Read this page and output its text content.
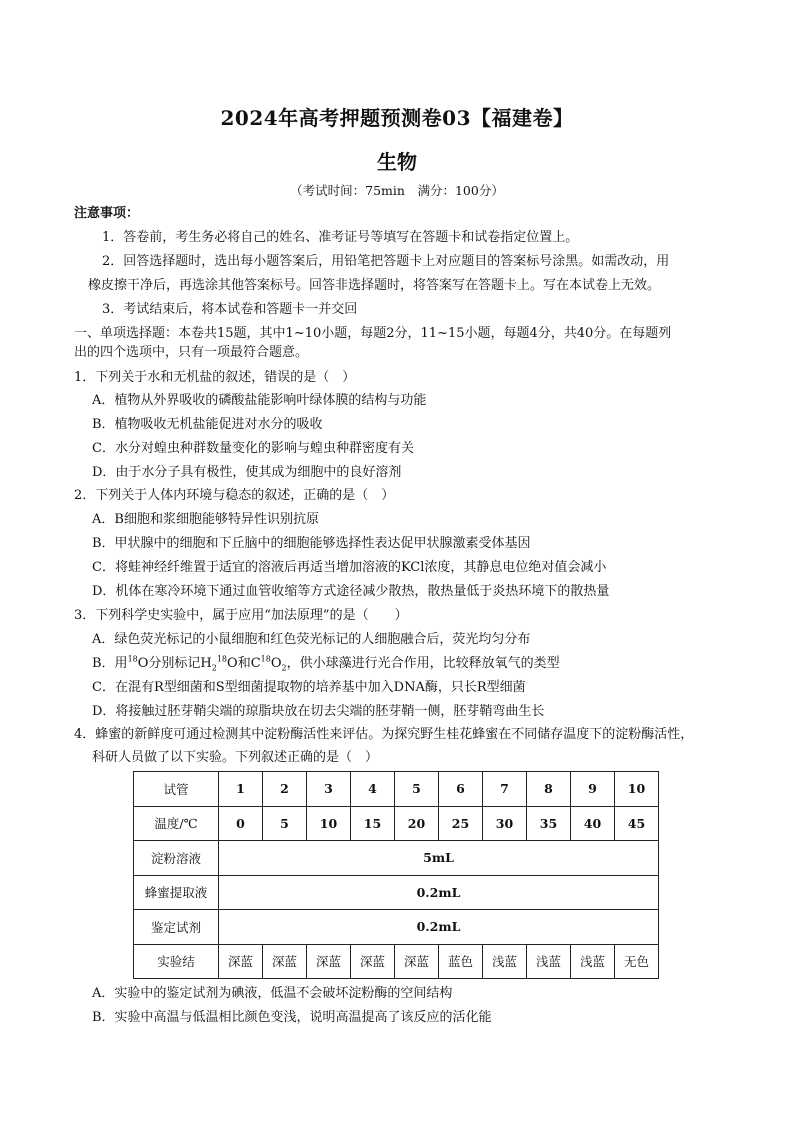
2024年高考押题预测卷03【福建卷】
生物
（考试时间：75min　满分：100分）
注意事项：
1．答卷前，考生务必将自己的姓名、准考证号等填写在答题卡和试卷指定位置上。
2．回答选择题时，选出每小题答案后，用铅笔把答题卡上对应题目的答案标号涂黑。如需改动，用
橡皮擦干净后，再选涂其他答案标号。回答非选择题时，将答案写在答题卡上。写在本试卷上无效。
3．考试结束后，将本试卷和答题卡一并交回
一、单项选择题：本卷共15题，其中1~10小题，每题2分，11~15小题，每题4分，共40分。在每题列
出的四个选项中，只有一项最符合题意。
1．下列关于水和无机盐的叙述，错误的是（　）
A．植物从外界吸收的磷酸盐能影响叶绿体膜的结构与功能
B．植物吸收无机盐能促进对水分的吸收
C．水分对蝗虫种群数量变化的影响与蝗虫种群密度有关
D．由于水分子具有极性，使其成为细胞中的良好溶剂
2．下列关于人体内环境与稳态的叙述，正确的是（　）
A．B细胞和浆细胞能够特异性识别抗原
B．甲状腺中的细胞和下丘脑中的细胞能够选择性表达促甲状腺激素受体基因
C．将蛙神经纤维置于适宜的溶液后再适当增加溶液的KCl浓度，其静息电位绝对值会减小
D．机体在寒冷环境下通过血管收缩等方式途径减少散热，散热量低于炎热环境下的散热量
3．下列科学史实验中，属于应用“加法原理”的是（　　）
A．绿色荧光标记的小鼠细胞和红色荧光标记的人细胞融合后，荧光均匀分布
B．用$^{18}$O分别标记$H_2^{18}O$和$C^{18}O_2$，供小球藻进行光合作用，比较释放氧气的类型
C．在混有R型细菌和S型细菌提取物的培养基中加入DNA酶，只长R型细菌
D．将接触过胚芽鞘尖端的琼脂块放在切去尖端的胚芽鞘一侧，胚芽鞘弯曲生长
4．蜂蜜的新鲜度可通过检测其中淀粉酶活性来评估。为探究野生桂花蜂蜜在不同储存温度下的淀粉酶活性，
科研人员做了以下实验。下列叙述正确的是（　）
试管	1	2	3	4	5	6	7	8	9	10
温度/℃	0	5	10	15	20	25	30	35	40	45
淀粉溶液	5mL									
蜂蜜提取液	0.2mL									
鉴定试剂	0.2mL									
实验结	深蓝	深蓝	深蓝	深蓝	深蓝	蓝色	浅蓝	浅蓝	浅蓝	无色
A．实验中的鉴定试剂为碘液，低温不会破坏淀粉酶的空间结构
B．实验中高温与低温相比颜色变浅，说明高温提高了该反应的活化能
